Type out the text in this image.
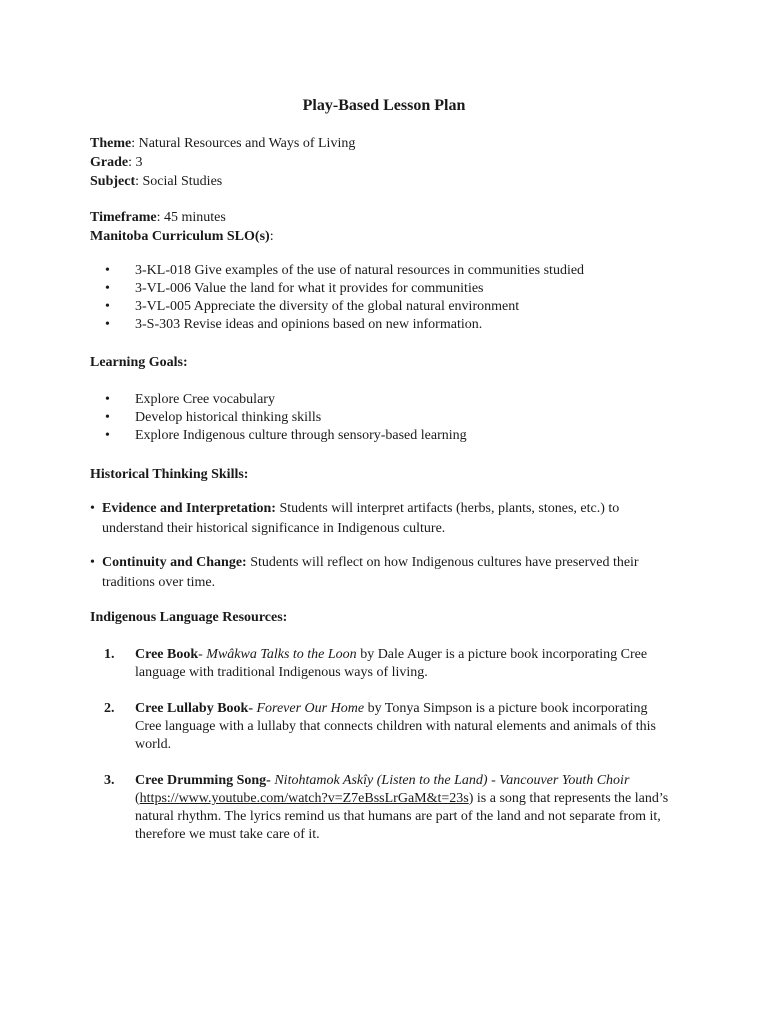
Play-Based Lesson Plan

Theme: Natural Resources and Ways of Living

Grade: 3

Subject: Social Studies

Timeframe: 45 minutes

Manitoba Curriculum SLO(s):

• 3-KL-018 Give examples of the use of natural resources in communities studied
• 3-VL-006 Value the land for what it provides for communities
• 3-VL-005 Appreciate the diversity of the global natural environment
• 3-S-303 Revise ideas and opinions based on new information.
Learning Goals:
• Explore Cree vocabulary
• Develop historical thinking skills
• Explore Indigenous culture through sensory-based learning
Historical Thinking Skills:
• Evidence and Interpretation: Students will interpret artifacts (herbs, plants, stones, etc.) to understand their historical significance in Indigenous culture.
• Continuity and Change: Students will reflect on how Indigenous cultures have preserved their traditions over time.
Indigenous Language Resources:
1. Cree Book- Mwâkwa Talks to the Loon by Dale Auger is a picture book incorporating Cree language with traditional Indigenous ways of living.
2. Cree Lullaby Book- Forever Our Home by Tonya Simpson is a picture book incorporating Cree language with a lullaby that connects children with natural elements and animals of this world.
3. Cree Drumming Song- Nitohtamok Askîy (Listen to the Land) - Vancouver Youth Choir (https://www.youtube.com/watch?v=Z7eBssLrGaM&t=23s) is a song that represents the land’s natural rhythm. The lyrics remind us that humans are part of the land and not separate from it, therefore we must take care of it.
